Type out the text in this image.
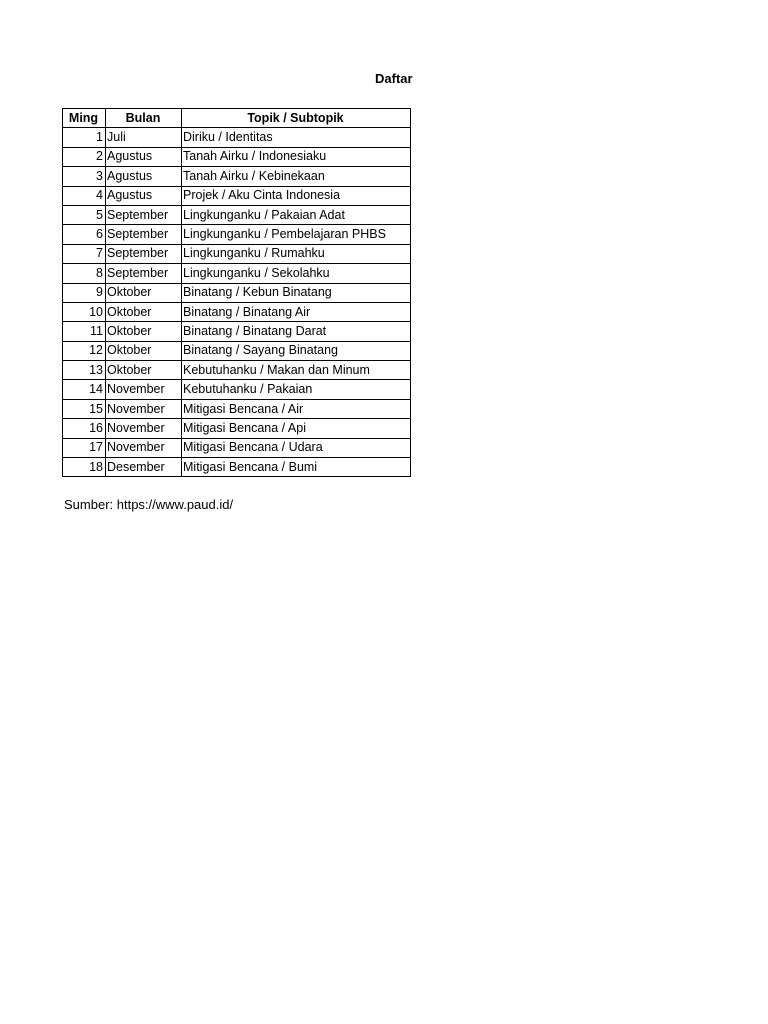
Daftar
Ming	Bulan	Topik / Subtopik
1	Juli	Diriku / Identitas
2	Agustus	Tanah Airku / Indonesiaku
3	Agustus	Tanah Airku / Kebinekaan
4	Agustus	Projek / Aku Cinta Indonesia
5	September	Lingkunganku / Pakaian Adat
6	September	Lingkunganku / Pembelajaran PHBS
7	September	Lingkunganku / Rumahku
8	September	Lingkunganku / Sekolahku
9	Oktober	Binatang / Kebun Binatang
10	Oktober	Binatang / Binatang Air
11	Oktober	Binatang / Binatang Darat
12	Oktober	Binatang / Sayang Binatang
13	Oktober	Kebutuhanku / Makan dan Minum
14	November	Kebutuhanku / Pakaian
15	November	Mitigasi Bencana / Air
16	November	Mitigasi Bencana / Api
17	November	Mitigasi Bencana / Udara
18	Desember	Mitigasi Bencana / Bumi
Sumber: https://www.paud.id/
